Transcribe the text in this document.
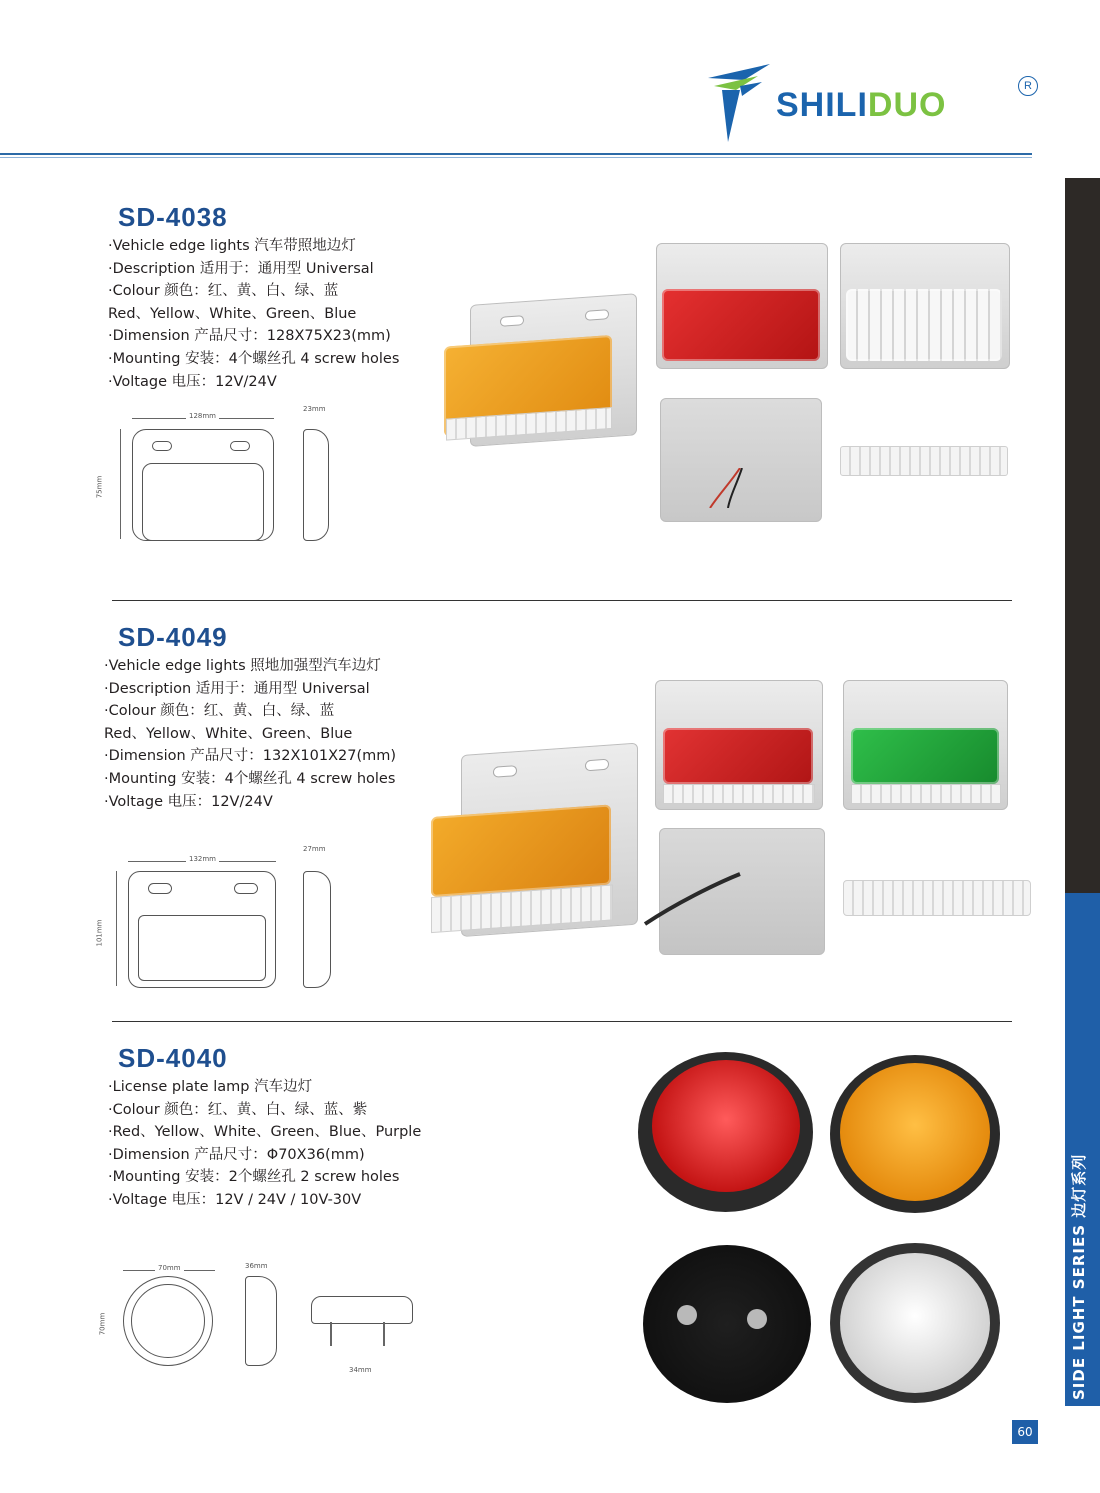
SHILIDUO	R
SIDE LIGHT SERIES 边灯系列
60
SD-4038
·Vehicle edge lights 汽车带照地边灯
·Description 适用于：通用型 Universal
·Colour 颜色：红、黄、白、绿、蓝
Red、Yellow、White、Green、Blue
·Dimension 产品尺寸：128X75X23(mm)
·Mounting 安装：4个螺丝孔 4 screw holes
·Voltage 电压：12V/24V
128mm
75mm
23mm
SD-4049
·Vehicle edge lights 照地加强型汽车边灯
·Description 适用于：通用型 Universal
·Colour 颜色：红、黄、白、绿、蓝
Red、Yellow、White、Green、Blue
·Dimension 产品尺寸：132X101X27(mm)
·Mounting 安装：4个螺丝孔 4 screw holes
·Voltage 电压：12V/24V
132mm
101mm
27mm
SD-4040
·License plate lamp 汽车边灯
·Colour 颜色：红、黄、白、绿、蓝、紫
·Red、Yellow、White、Green、Blue、Purple
·Dimension 产品尺寸：Φ70X36(mm)
·Mounting 安装：2个螺丝孔 2 screw holes
·Voltage 电压：12V / 24V / 10V-30V
70mm
70mm
36mm
34mm
